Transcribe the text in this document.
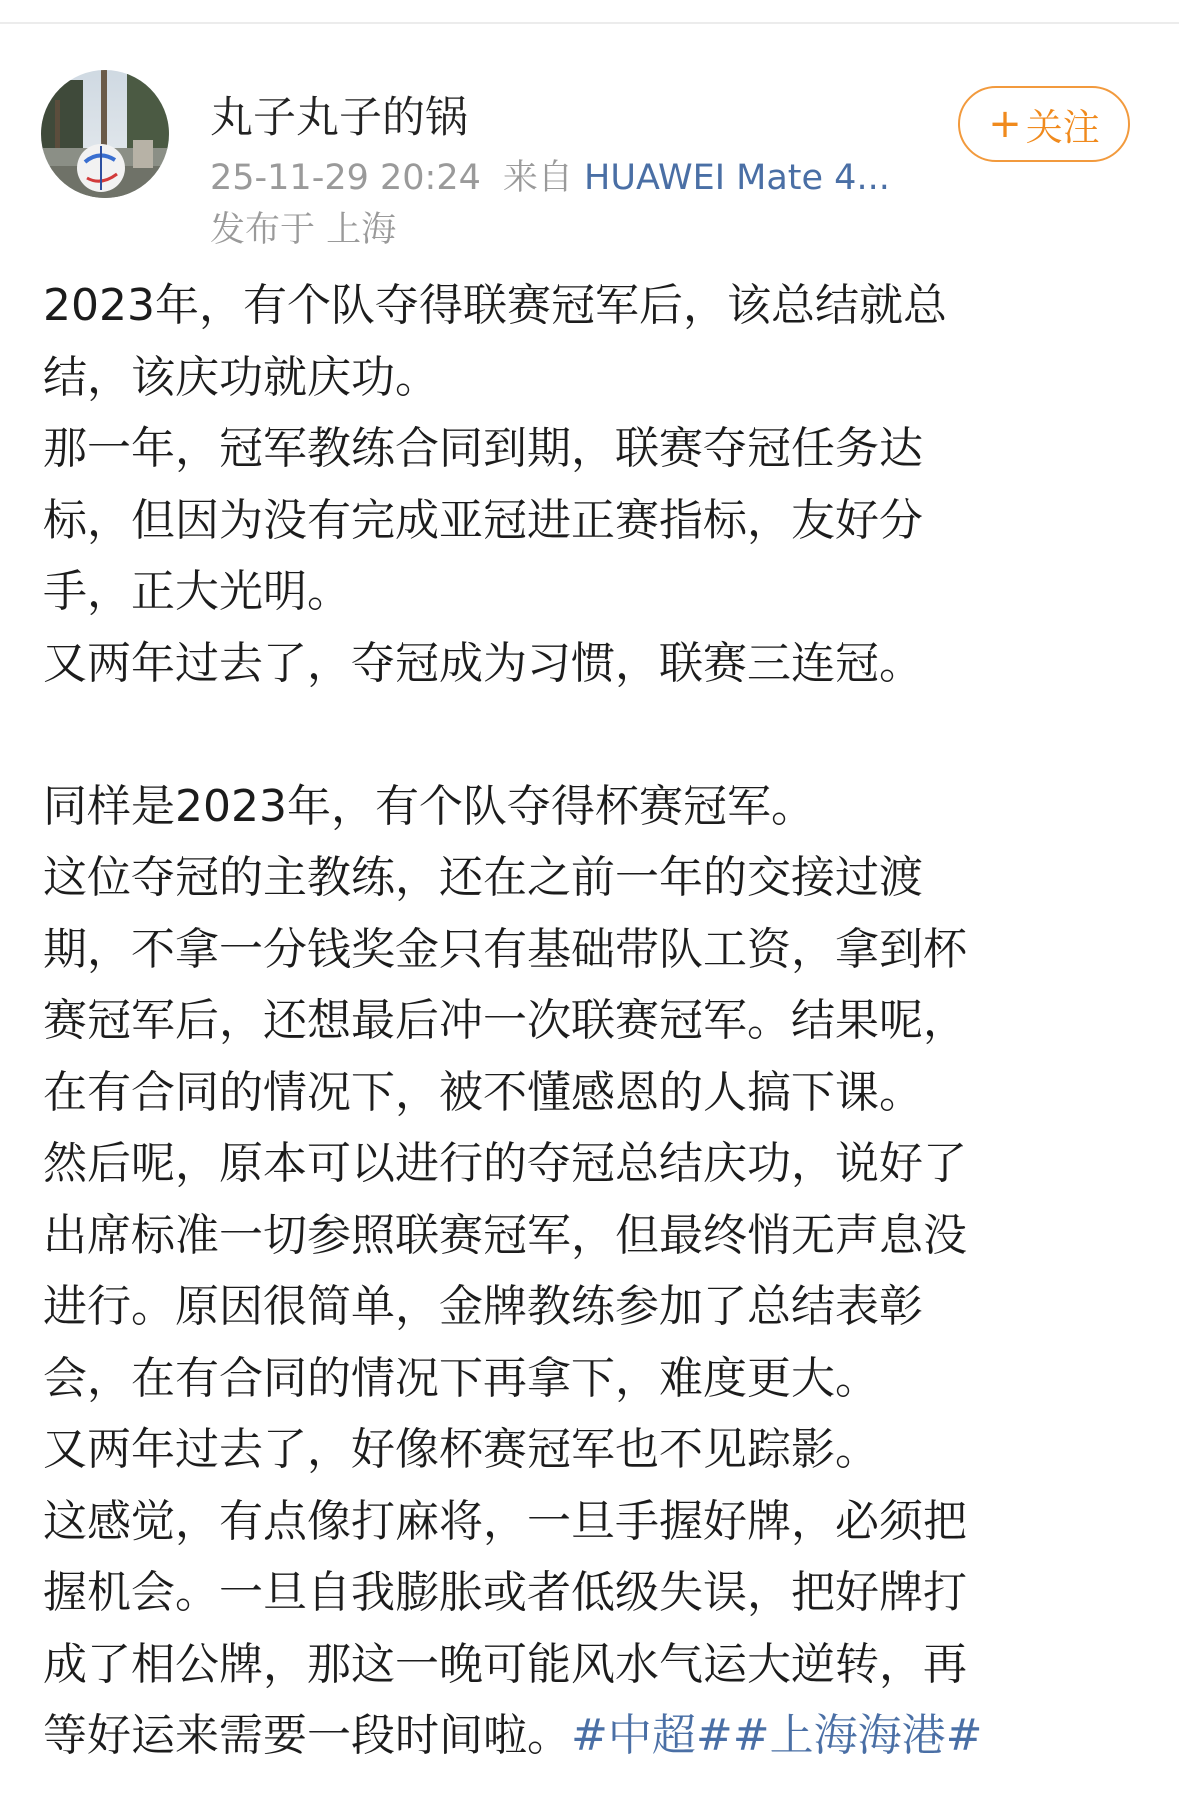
丸子丸子的锅
25-11-29 20:24 来自 HUAWEI Mate 4...
发布于 上海
+ 关注
2023年，有个队夺得联赛冠军后，该总结就总
结，该庆功就庆功。
那一年，冠军教练合同到期，联赛夺冠任务达
标，但因为没有完成亚冠进正赛指标，友好分
手，正大光明。
又两年过去了，夺冠成为习惯，联赛三连冠。
同样是2023年，有个队夺得杯赛冠军。
这位夺冠的主教练，还在之前一年的交接过渡
期，不拿一分钱奖金只有基础带队工资，拿到杯
赛冠军后，还想最后冲一次联赛冠军。结果呢，
在有合同的情况下，被不懂感恩的人搞下课。
然后呢，原本可以进行的夺冠总结庆功，说好了
出席标准一切参照联赛冠军，但最终悄无声息没
进行。原因很简单，金牌教练参加了总结表彰
会，在有合同的情况下再拿下，难度更大。
又两年过去了，好像杯赛冠军也不见踪影。
这感觉，有点像打麻将，一旦手握好牌，必须把
握机会。一旦自我膨胀或者低级失误，把好牌打
成了相公牌，那这一晚可能风水气运大逆转，再
等好运来需要一段时间啦。#中超##上海海港#
